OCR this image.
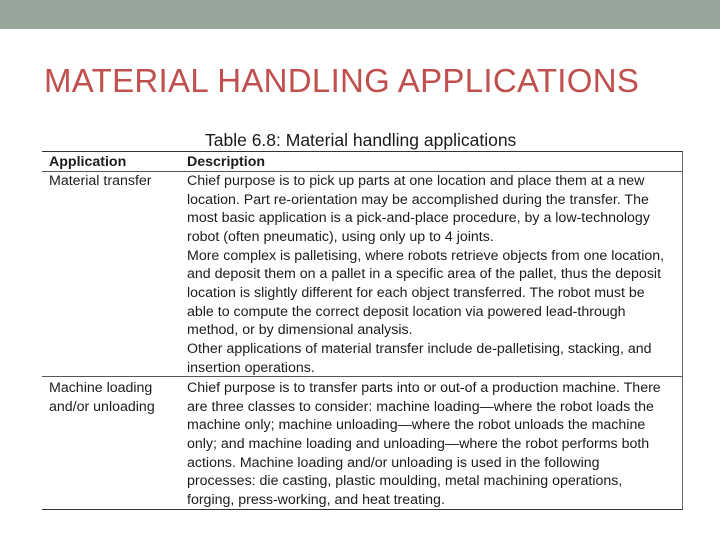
MATERIAL HANDLING APPLICATIONS
Table 6.8: Material handling applications
Application	Description
Material transfer	Chief purpose is to pick up parts at one location and place them at a new
location. Part re-orientation may be accomplished during the transfer. The
most basic application is a pick-and-place procedure, by a low-technology
robot (often pneumatic), using only up to 4 joints.
More complex is palletising, where robots retrieve objects from one location,
and deposit them on a pallet in a specific area of the pallet, thus the deposit
location is slightly different for each object transferred. The robot must be
able to compute the correct deposit location via powered lead-through
method, or by dimensional analysis.
Other applications of material transfer include de-palletising, stacking, and
insertion operations.
Machine loading
and/or unloading
Chief purpose is to transfer parts into or out-of a production machine. There
are three classes to consider: machine loading—where the robot loads the
machine only; machine unloading—where the robot unloads the machine
only; and machine loading and unloading—where the robot performs both
actions. Machine loading and/or unloading is used in the following
processes: die casting, plastic moulding, metal machining operations,
forging, press-working, and heat treating.
